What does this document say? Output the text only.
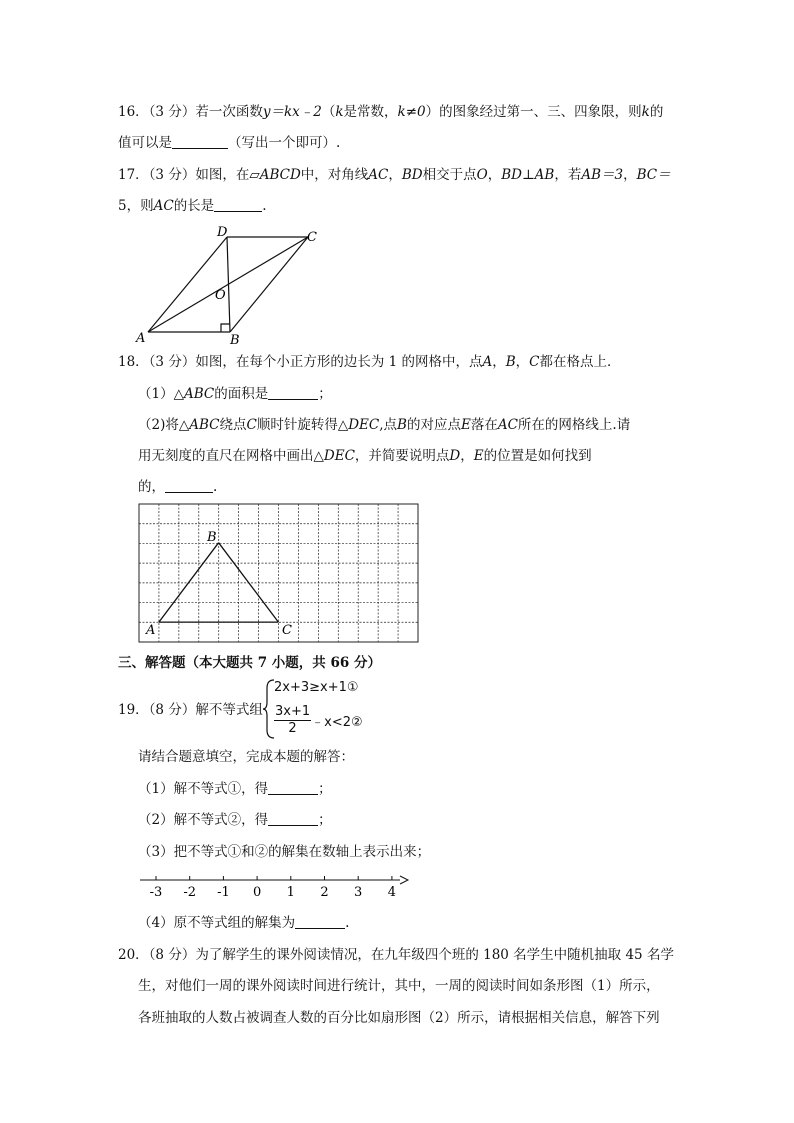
16．（3 分）若一次函数y＝kx﹣2（k是常数，k≠0）的图象经过第一、三、四象限，则k的
值可以是	（写出一个即可）.
17．（3 分）如图，在▱ABCD中，对角线AC，BD相交于点O，BD⊥AB，若AB＝3，BC＝
5，则AC的长是	.
A	B
C
D
O
18．（3 分）如图，在每个小正方形的边长为 1 的网格中，点A，B，C都在格点上．
（1）△ABC的面积是	；
（2)将△ABC绕点C顺时针旋转得△DEC,点B的对应点E落在AC所在的网格线上.请
用无刻度的直尺在网格中画出△DEC，并简要说明点D，E的位置是如何找到
的，	.
A
B
C
三、解答题（本大题共 7 小题，共 66 分）
19．（8 分）解不等式组
2x+3≥x+1①
$\frac{3x+1}{2}$ ﹣x<2②
请结合题意填空，完成本题的解答：
（1）解不等式①，得	；
（2）解不等式②，得	；
（3）把不等式①和②的解集在数轴上表示出来；
-3 -2 -1 0 1 2 3 4
（4）原不等式组的解集为	.
20．（8 分）为了解学生的课外阅读情况，在九年级四个班的 180 名学生中随机抽取 45 名学
生，对他们一周的课外阅读时间进行统计，其中，一周的阅读时间如条形图（1）所示，
各班抽取的人数占被调查人数的百分比如扇形图（2）所示，请根据相关信息，解答下列
